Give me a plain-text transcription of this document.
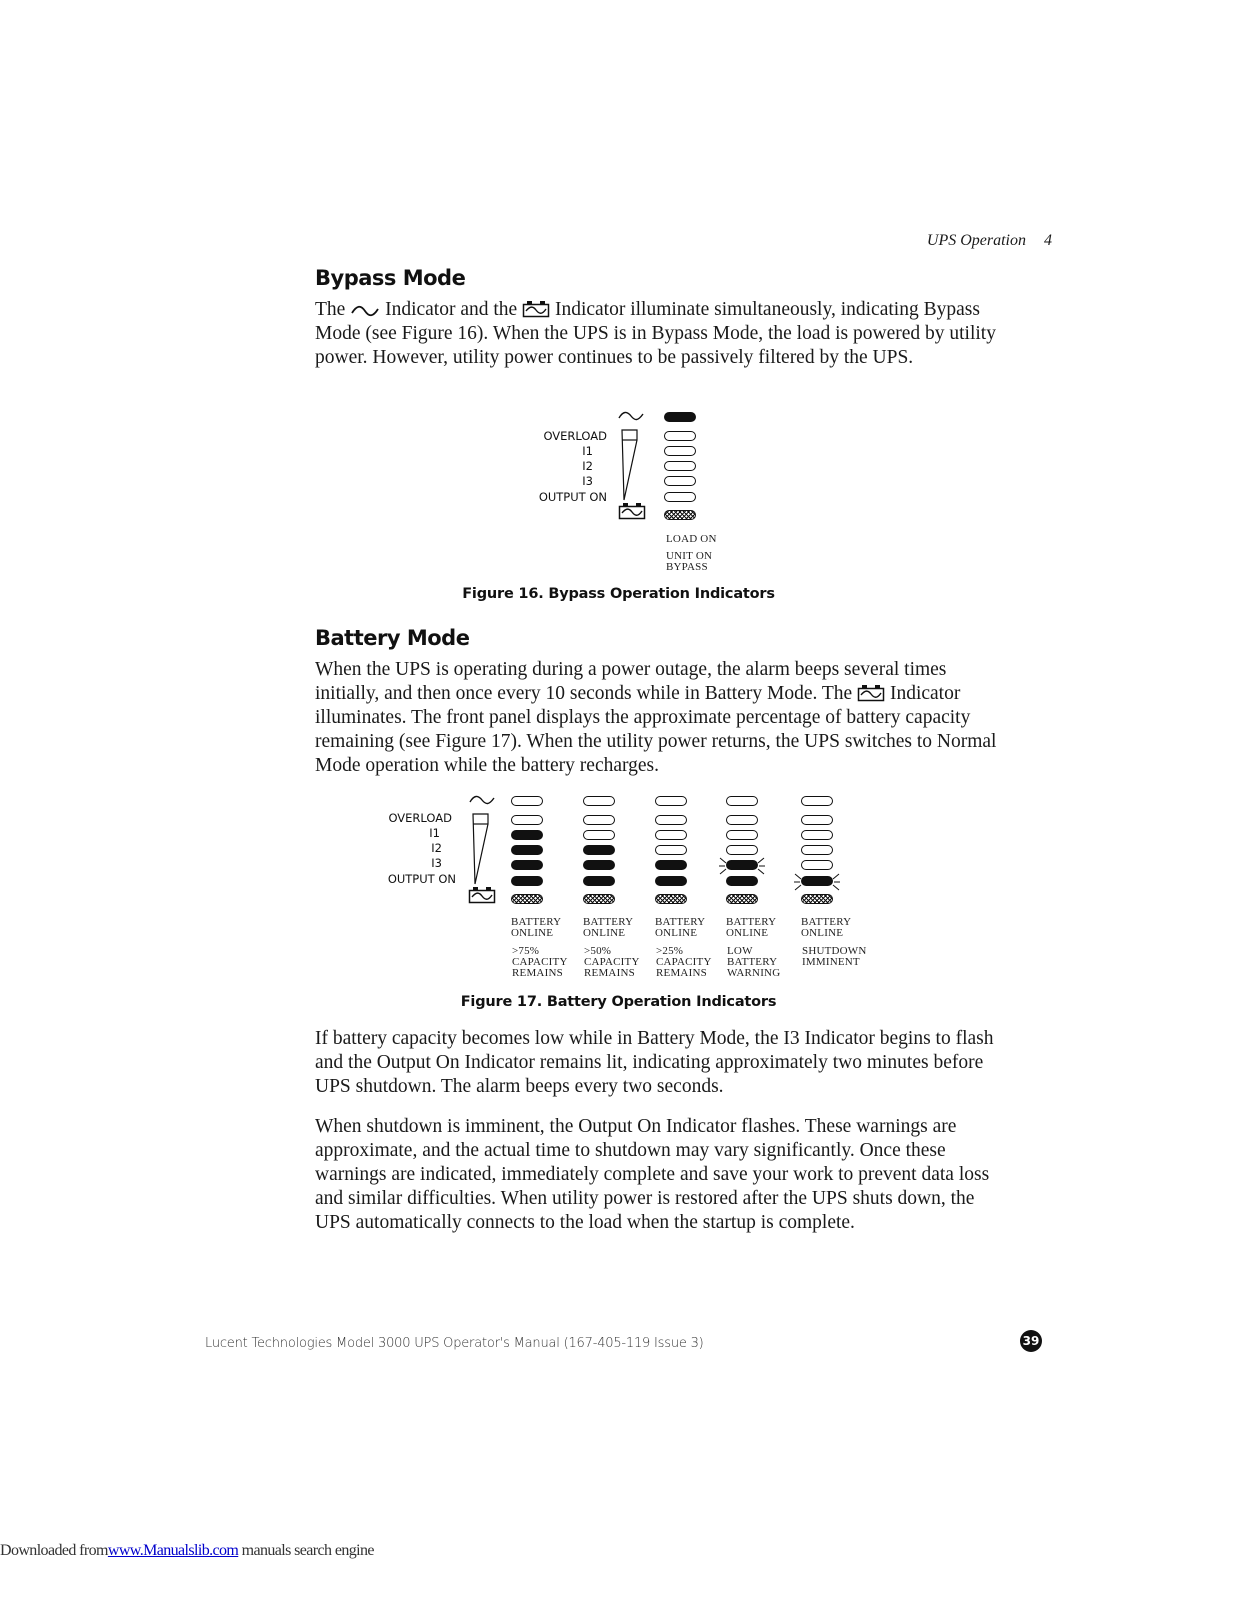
UPS Operation 4
Bypass Mode

The Indicator and the Indicator illuminate simultaneously, indicating Bypass Mode (see Figure 16). When the UPS is in Bypass Mode, the load is powered by utility power. However, utility power continues to be passively filtered by the UPS.

OVERLOAD
I1
I2
I3
OUTPUT ON
LOAD ON
UNIT ON
BYPASS
Figure 16. Bypass Operation Indicators
Battery Mode

When the UPS is operating during a power outage, the alarm beeps several times initially, and then once every 10 seconds while in Battery Mode. The Indicator illuminates. The front panel displays the approximate percentage of battery capacity remaining (see Figure 17). When the utility power returns, the UPS switches to Normal Mode operation while the battery recharges.

OVERLOAD
I1
I2
I3
OUTPUT ON
BATTERY
ONLINE
>75%
CAPACITY
REMAINS
BATTERY
ONLINE
>50%
CAPACITY
REMAINS
BATTERY
ONLINE
>25%
CAPACITY
REMAINS
BATTERY
ONLINE
LOW
BATTERY
WARNING
BATTERY
ONLINE
SHUTDOWN
IMMINENT
Figure 17. Battery Operation Indicators
If battery capacity becomes low while in Battery Mode, the I3 Indicator begins to flash and the Output On Indicator remains lit, indicating approximately two minutes before UPS shutdown. The alarm beeps every two seconds.
When shutdown is imminent, the Output On Indicator flashes. These warnings are approximate, and the actual time to shutdown may vary significantly. Once these warnings are indicated, immediately complete and save your work to prevent data loss and similar difficulties. When utility power is restored after the UPS shuts down, the UPS automatically connects to the load when the startup is complete.
Lucent Technologies Model 3000 UPS Operator's Manual (167-405-119 Issue 3)	39
Downloaded fromwww.Manualslib.com manuals search engine
